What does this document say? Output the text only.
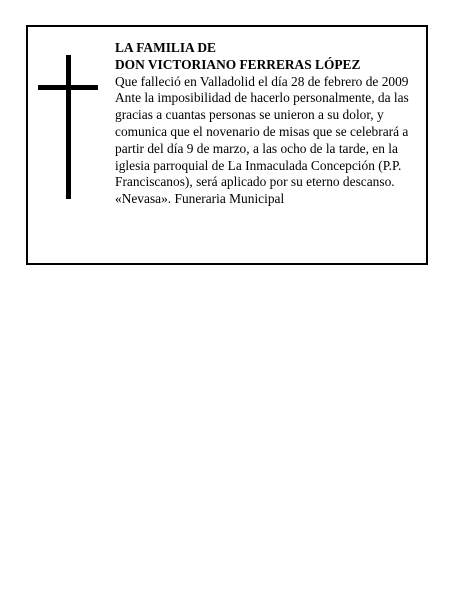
LA FAMILIA DE
DON VICTORIANO FERRERAS LÓPEZ
Que falleció en Valladolid el día 28 de febrero de 2009
Ante la imposibilidad de hacerlo personalmente, da las
gracias a cuantas personas se unieron a su dolor, y
comunica que el novenario de misas que se celebrará a
partir del día 9 de marzo, a las ocho de la tarde, en la
iglesia parroquial de La Inmaculada Concepción (P.P.
Franciscanos), será aplicado por su eterno descanso.
«Nevasa». Funeraria Municipal
